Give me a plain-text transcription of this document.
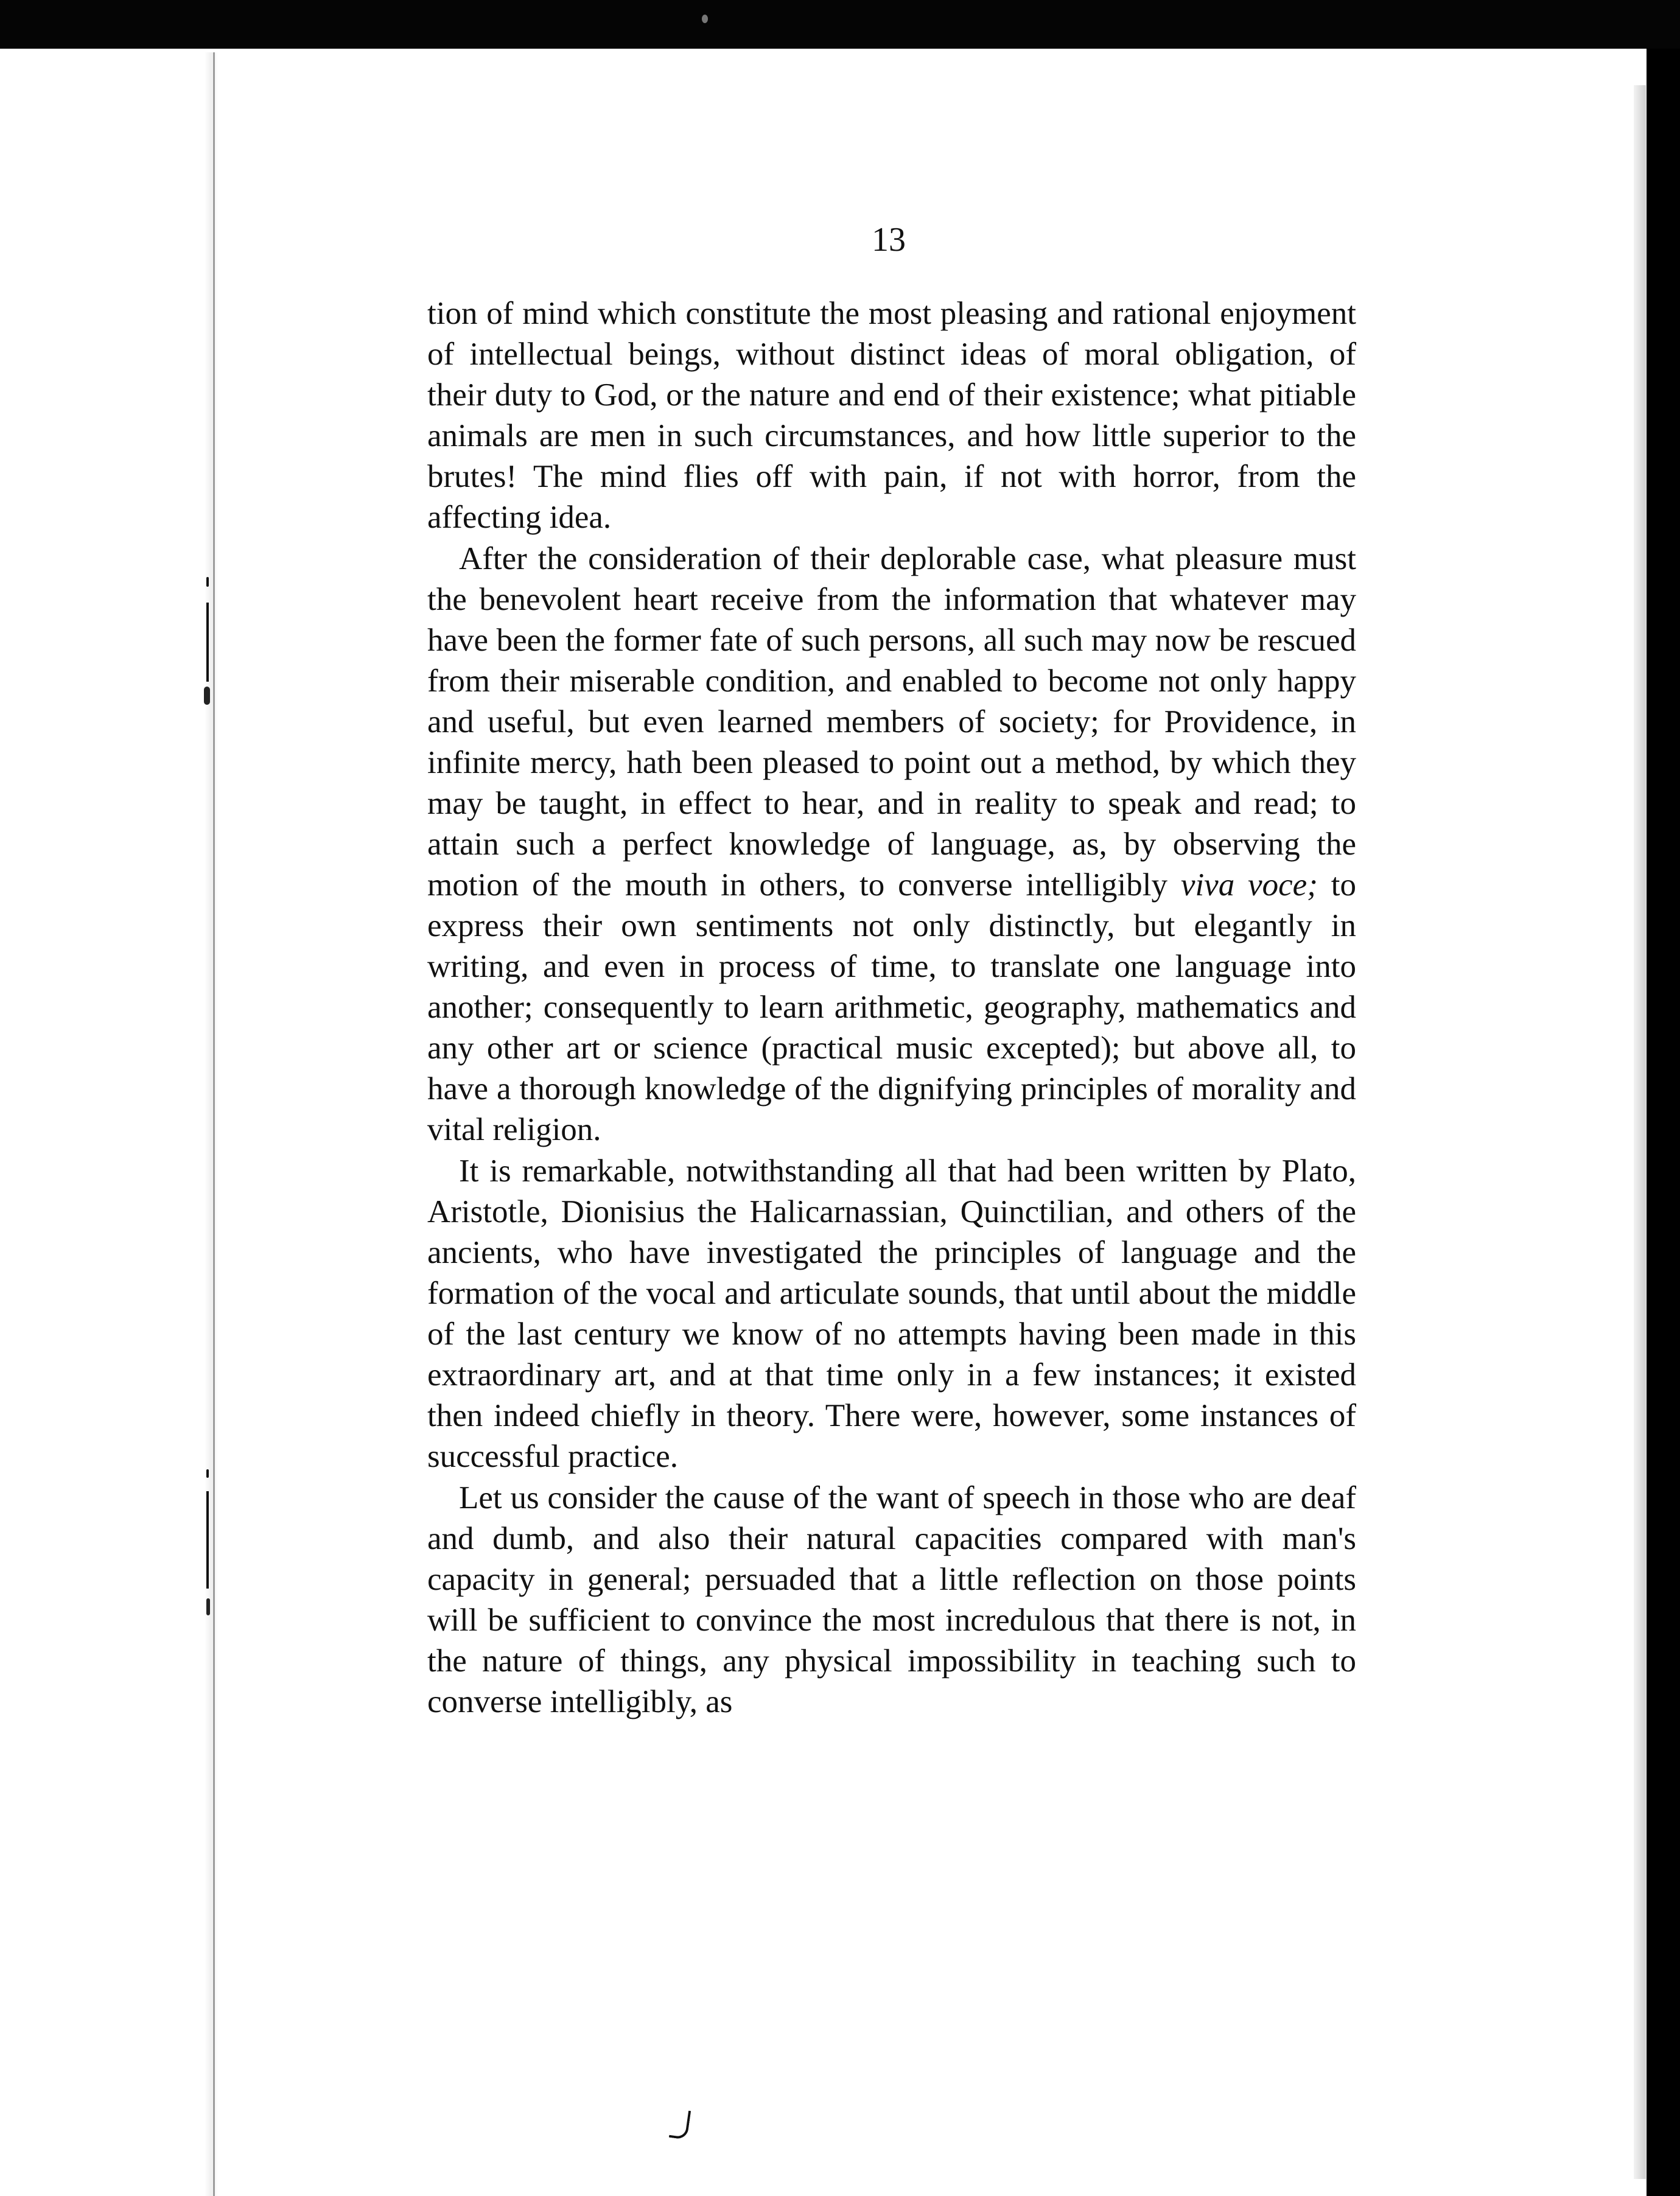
13

tion of mind which constitute the most pleasing and rational enjoyment of intellectual beings, without distinct ideas of moral obligation, of their duty to God, or the nature and end of their existence; what pitiable animals are men in such circumstances, and how little superior to the brutes! The mind flies off with pain, if not with horror, from the affecting idea.

After the consideration of their deplorable case, what pleasure must the benevolent heart receive from the information that whatever may have been the former fate of such persons, all such may now be rescued from their miserable condition, and enabled to become not only happy and useful, but even learned members of society; for Providence, in infinite mercy, hath been pleased to point out a method, by which they may be taught, in effect to hear, and in reality to speak and read; to attain such a perfect knowledge of language, as, by observing the motion of the mouth in others, to converse intelligibly viva voce; to express their own sentiments not only distinctly, but elegantly in writing, and even in process of time, to translate one language into another; consequently to learn arithmetic, geography, mathematics and any other art or science (practical music excepted); but above all, to have a thorough knowledge of the dignifying principles of morality and vital religion.

It is remarkable, notwithstanding all that had been written by Plato, Aristotle, Dionisius the Halicarnassian, Quinctilian, and others of the ancients, who have investigated the principles of language and the formation of the vocal and articulate sounds, that until about the middle of the last century we know of no attempts having been made in this extraordinary art, and at that time only in a few instances; it existed then indeed chiefly in theory. There were, however, some instances of successful practice.

Let us consider the cause of the want of speech in those who are deaf and dumb, and also their natural capacities compared with man's capacity in general; persuaded that a little reflection on those points will be sufficient to convince the most incredulous that there is not, in the nature of things, any physical impossibility in teaching such to converse intelligibly, as
